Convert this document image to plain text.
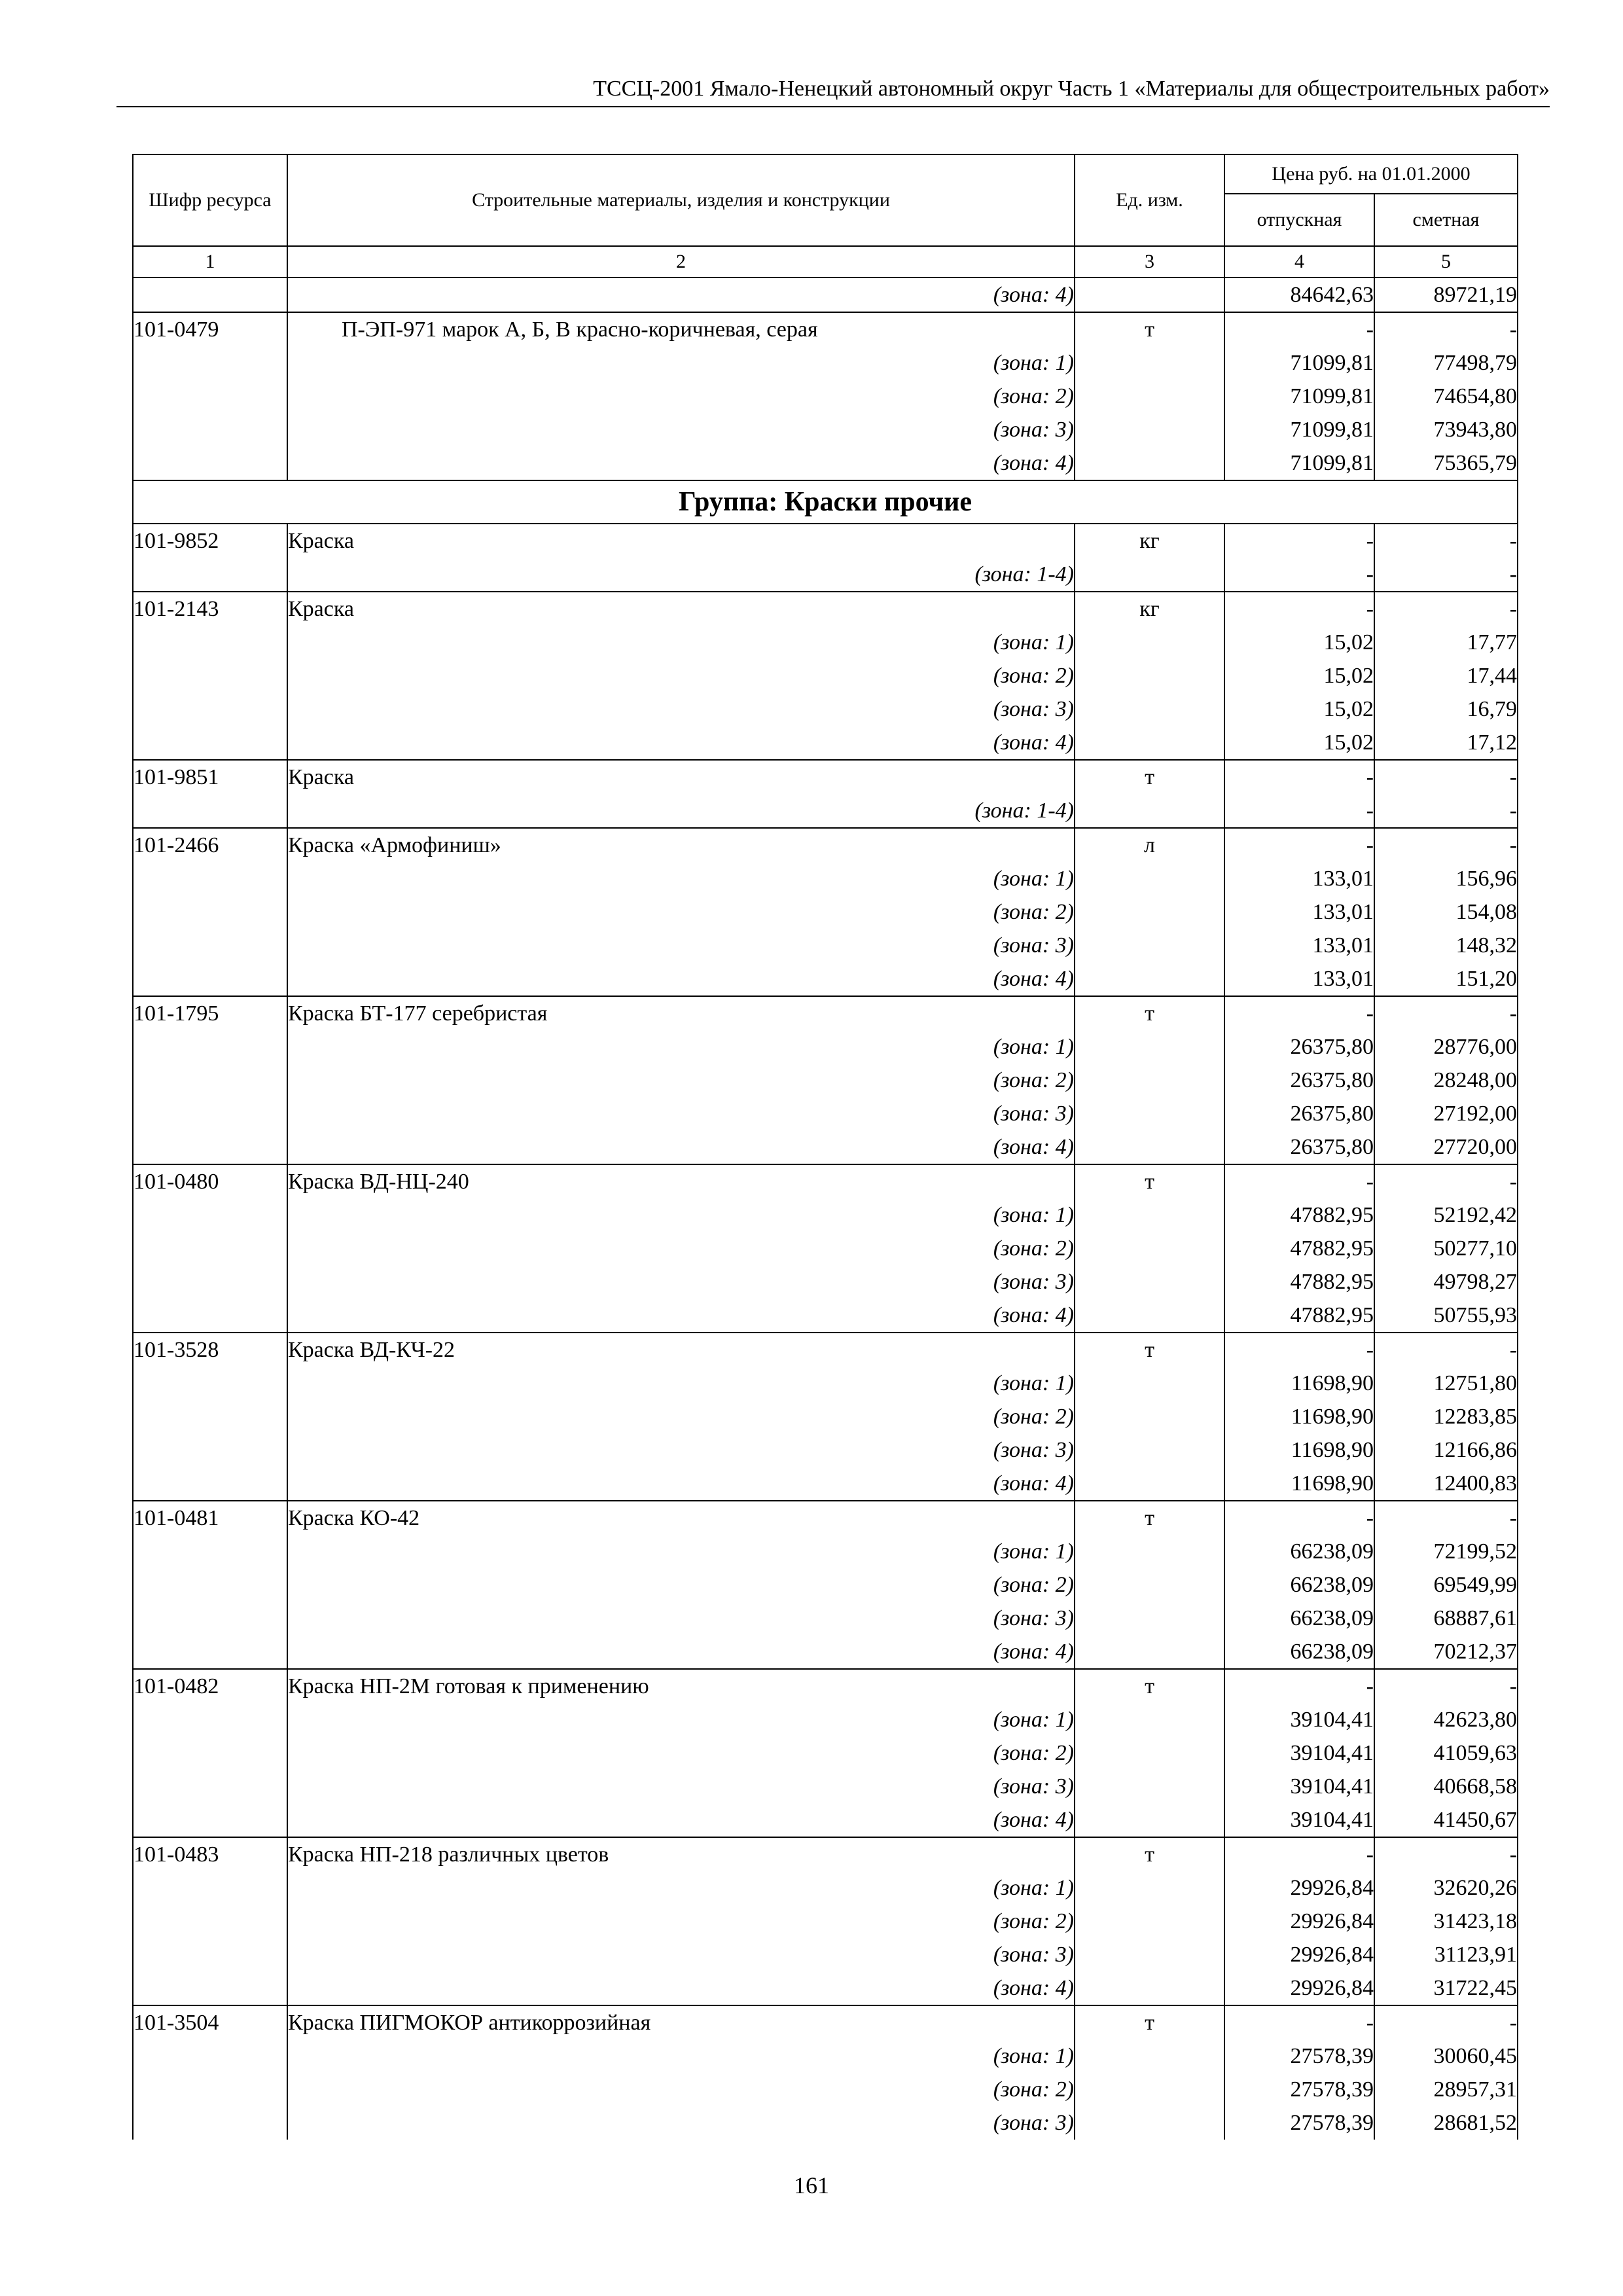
ТССЦ-2001 Ямало-Ненецкий автономный округ Часть 1 «Материалы для общестроительных работ»
Шифр ресурса	Строительные материалы, изделия и конструкции	Ед. изм.	Цена руб. на 01.01.2000	
			отпускная	сметная
1	2	3	4	5
	(зона: 4)		84642,63	89721,19
101-0479	П-ЭП-971 марок А, Б, В красно-коричневая, серая	т	-	-
	(зона: 1)		71099,81	77498,79
	(зона: 2)		71099,81	74654,80
	(зона: 3)		71099,81	73943,80
	(зона: 4)		71099,81	75365,79
Группа: Краски прочие				
101-9852	Краска	кг	-	-
	(зона: 1-4)		-	-
101-2143	Краска	кг	-	-
	(зона: 1)		15,02	17,77
	(зона: 2)		15,02	17,44
	(зона: 3)		15,02	16,79
	(зона: 4)		15,02	17,12
101-9851	Краска	т	-	-
	(зона: 1-4)		-	-
101-2466	Краска «Армофиниш»	л	-	-
	(зона: 1)		133,01	156,96
	(зона: 2)		133,01	154,08
	(зона: 3)		133,01	148,32
	(зона: 4)		133,01	151,20
101-1795	Краска БТ-177 серебристая	т	-	-
	(зона: 1)		26375,80	28776,00
	(зона: 2)		26375,80	28248,00
	(зона: 3)		26375,80	27192,00
	(зона: 4)		26375,80	27720,00
101-0480	Краска ВД-НЦ-240	т	-	-
	(зона: 1)		47882,95	52192,42
	(зона: 2)		47882,95	50277,10
	(зона: 3)		47882,95	49798,27
	(зона: 4)		47882,95	50755,93
101-3528	Краска ВД-КЧ-22	т	-	-
	(зона: 1)		11698,90	12751,80
	(зона: 2)		11698,90	12283,85
	(зона: 3)		11698,90	12166,86
	(зона: 4)		11698,90	12400,83
101-0481	Краска КО-42	т	-	-
	(зона: 1)		66238,09	72199,52
	(зона: 2)		66238,09	69549,99
	(зона: 3)		66238,09	68887,61
	(зона: 4)		66238,09	70212,37
101-0482	Краска НП-2М готовая к применению	т	-	-
	(зона: 1)		39104,41	42623,80
	(зона: 2)		39104,41	41059,63
	(зона: 3)		39104,41	40668,58
	(зона: 4)		39104,41	41450,67
101-0483	Краска НП-218 различных цветов	т	-	-
	(зона: 1)		29926,84	32620,26
	(зона: 2)		29926,84	31423,18
	(зона: 3)		29926,84	31123,91
	(зона: 4)		29926,84	31722,45
101-3504	Краска ПИГМОКОР антикоррозийная	т	-	-
	(зона: 1)		27578,39	30060,45
	(зона: 2)		27578,39	28957,31
	(зона: 3)		27578,39	28681,52
161
